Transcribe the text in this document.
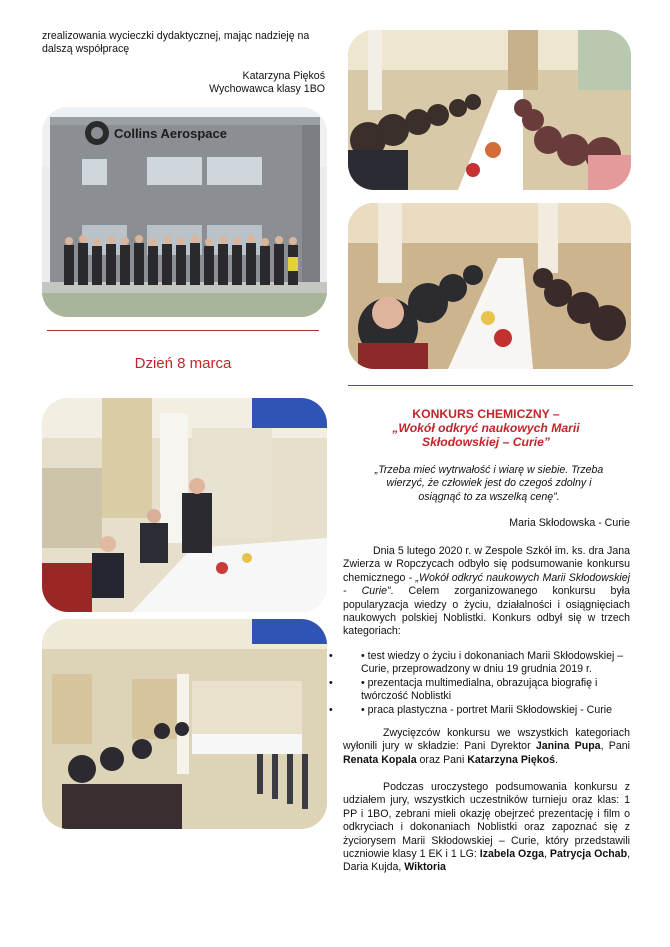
zrealizowania wycieczki dydaktycznej, mając nadzieję na dalszą współpracę
Katarzyna Piękoś
Wychowawca klasy 1BO
Collins Aerospace
Dzień 8 marca
KONKURS CHEMICZNY –
„Wokół odkryć naukowych Marii
Skłodowskiej – Curie”
„Trzeba mieć wytrwałość i wiarę w siebie. Trzeba wierzyć, że człowiek jest do czegoś zdolny i osiągnąć to za wszelką cenę”.
Maria Skłodowska - Curie
Dnia 5 lutego 2020 r. w Zespole Szkół im. ks. dra Jana Zwierza w Ropczycach odbyło się podsumowanie konkursu chemicznego - „Wokół odkryć naukowych Marii Skłodowskiej - Curie”. Celem zorganizowanego konkursu była popularyzacja wiedzy o życiu, działalności i osiągnięciach naukowych polskiej Noblistki. Konkurs odbył się w trzech kategoriach:
•	• test wiedzy o życiu i dokonaniach Marii Skłodowskiej – Curie, przeprowadzony w dniu 19 grudnia 2019 r.
•	• prezentacja multimedialna, obrazująca biografię i twórczość Noblistki
•	• praca plastyczna - portret Marii Skłodowskiej - Curie
Zwycięzców konkursu we wszystkich kategoriach wyłonili jury w składzie: Pani Dyrektor Janina Pupa, Pani Renata Kopala oraz Pani Katarzyna Piękoś.
Podczas uroczystego podsumowania konkursu z udziałem jury, wszystkich uczestników turnieju oraz klas: 1 PP i 1BO, zebrani mieli okazję obejrzeć prezentację i film o odkryciach i dokonaniach Noblistki oraz zapoznać się z życiorysem Marii Skłodowskiej – Curie, który przedstawili uczniowie klasy 1 EK i 1 LG: Izabela Ozga, Patrycja Ochab, Daria Kujda, Wiktoria
